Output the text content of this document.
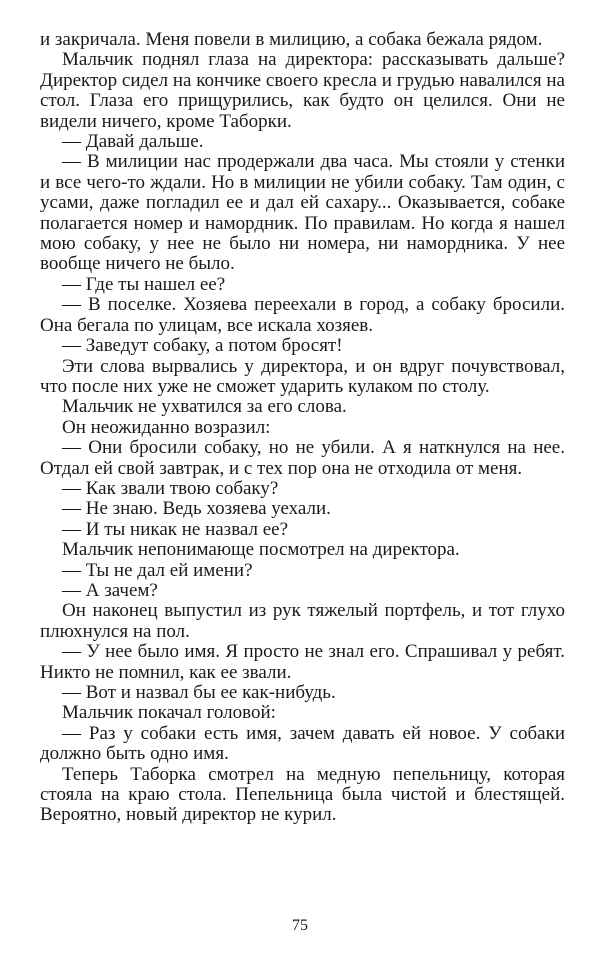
и закричала. Меня повели в милицию, а собака бежала рядом.

Мальчик поднял глаза на директора: рассказывать дальше? Директор сидел на кончике своего кресла и грудью навалился на стол. Глаза его прищурились, как будто он целился. Они не видели ничего, кроме Таборки.

— Давай дальше.

— В милиции нас продержали два часа. Мы стояли у стенки и все чего-то ждали. Но в милиции не убили собаку. Там один, с усами, даже погладил ее и дал ей сахару... Оказывается, собаке полагается номер и намордник. По правилам. Но когда я нашел мою собаку, у нее не было ни номера, ни намордника. У нее вообще ничего не было.

— Где ты нашел ее?

— В поселке. Хозяева переехали в город, а собаку бросили. Она бегала по улицам, все искала хозяев.

— Заведут собаку, а потом бросят!

Эти слова вырвались у директора, и он вдруг почувствовал, что после них уже не сможет ударить кулаком по столу.

Мальчик не ухватился за его слова.

Он неожиданно возразил:

— Они бросили собаку, но не убили. А я наткнулся на нее. Отдал ей свой завтрак, и с тех пор она не отходила от меня.

— Как звали твою собаку?

— Не знаю. Ведь хозяева уехали.

— И ты никак не назвал ее?

Мальчик непонимающе посмотрел на директора.

— Ты не дал ей имени?

— А зачем?

Он наконец выпустил из рук тяжелый портфель, и тот глухо плюхнулся на пол.

— У нее было имя. Я просто не знал его. Спрашивал у ребят. Никто не помнил, как ее звали.

— Вот и назвал бы ее как-нибудь.

Мальчик покачал головой:

— Раз у собаки есть имя, зачем давать ей новое. У собаки должно быть одно имя.

Теперь Таборка смотрел на медную пепельницу, которая стояла на краю стола. Пепельница была чистой и блестящей. Вероятно, новый директор не курил.

75
